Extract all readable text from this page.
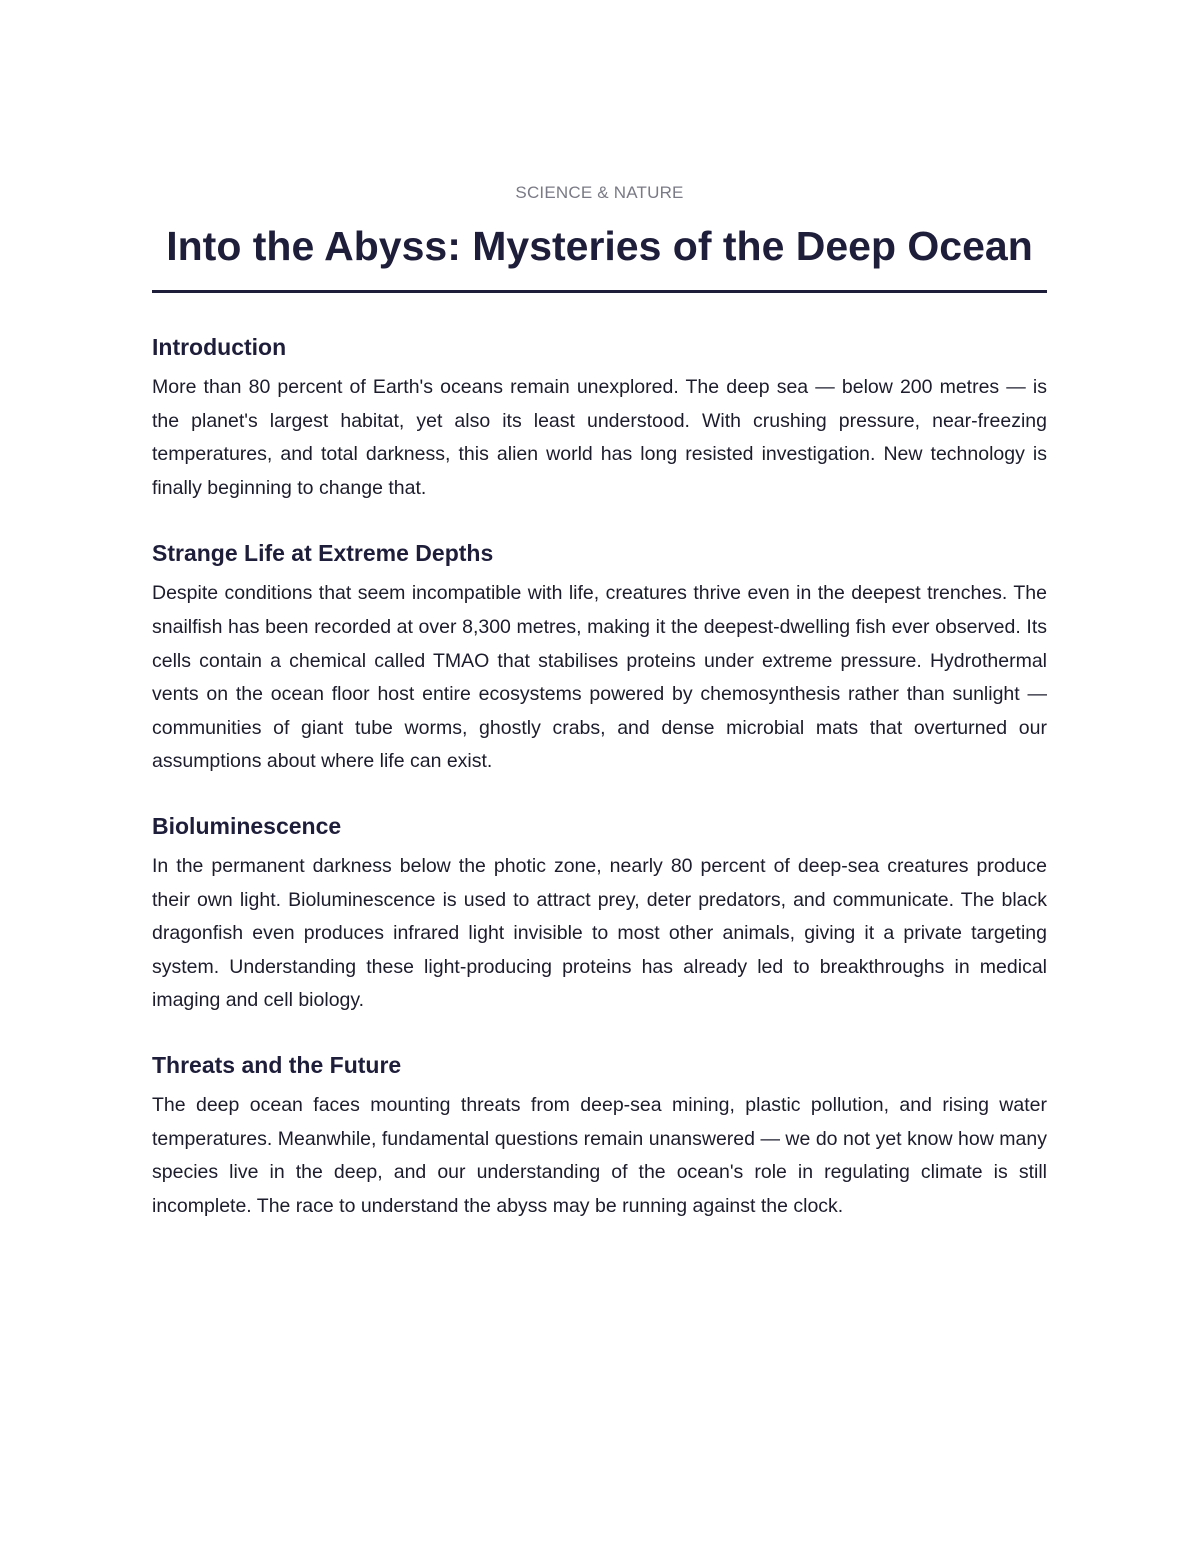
SCIENCE & NATURE

Into the Abyss: Mysteries of the Deep Ocean
Introduction

More than 80 percent of Earth's oceans remain unexplored. The deep sea — below 200 metres — is the planet's largest habitat, yet also its least understood. With crushing pressure, near-freezing temperatures, and total darkness, this alien world has long resisted investigation. New technology is finally beginning to change that.

Strange Life at Extreme Depths

Despite conditions that seem incompatible with life, creatures thrive even in the deepest trenches. The snailfish has been recorded at over 8,300 metres, making it the deepest-dwelling fish ever observed. Its cells contain a chemical called TMAO that stabilises proteins under extreme pressure. Hydrothermal vents on the ocean floor host entire ecosystems powered by chemosynthesis rather than sunlight — communities of giant tube worms, ghostly crabs, and dense microbial mats that overturned our assumptions about where life can exist.

Bioluminescence

In the permanent darkness below the photic zone, nearly 80 percent of deep-sea creatures produce their own light. Bioluminescence is used to attract prey, deter predators, and communicate. The black dragonfish even produces infrared light invisible to most other animals, giving it a private targeting system. Understanding these light-producing proteins has already led to breakthroughs in medical imaging and cell biology.

Threats and the Future

The deep ocean faces mounting threats from deep-sea mining, plastic pollution, and rising water temperatures. Meanwhile, fundamental questions remain unanswered — we do not yet know how many species live in the deep, and our understanding of the ocean's role in regulating climate is still incomplete. The race to understand the abyss may be running against the clock.
